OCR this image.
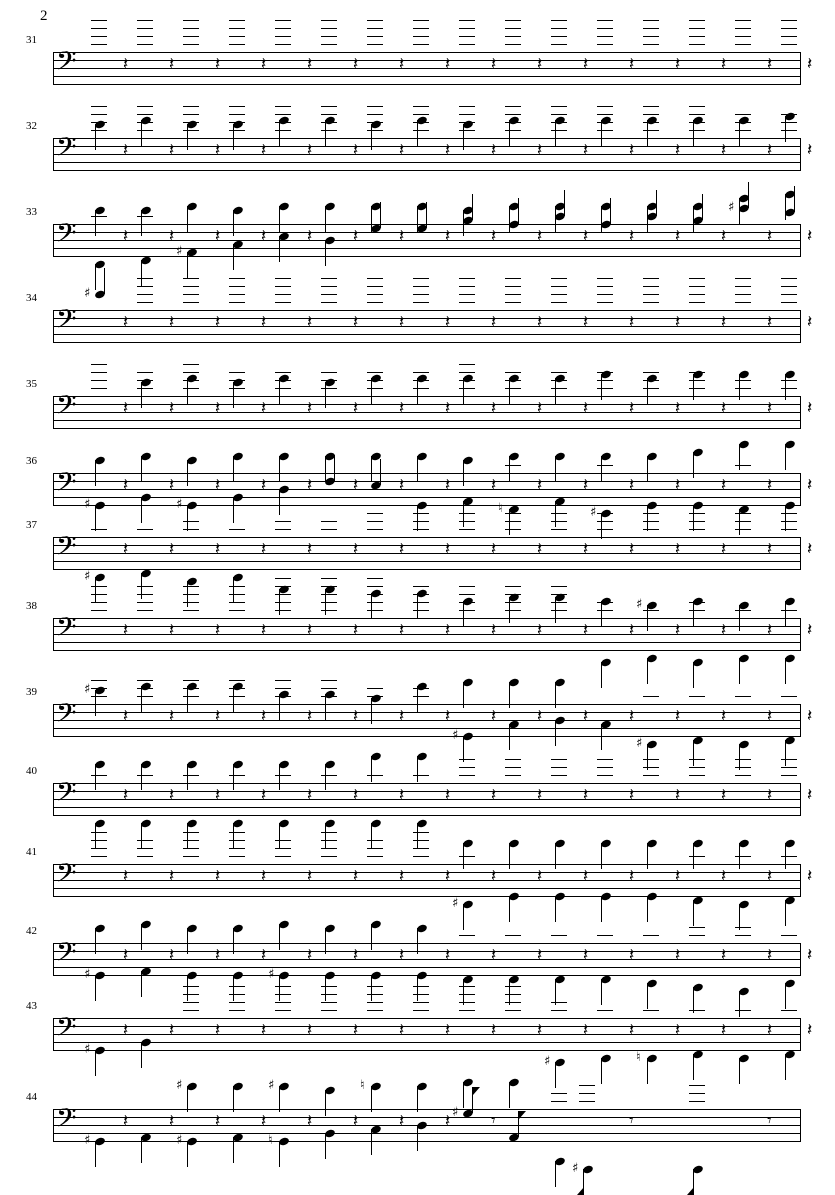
2
31
𝄢	𝄽 𝄽 𝄽 𝄽 𝄽 𝄽 𝄽 𝄽 𝄽 𝄽 𝄽 𝄽 𝄽 𝄽 𝄽 𝄽
32
𝄢	𝄽 𝄽 𝄽 𝄽 𝄽 𝄽 𝄽 𝄽 𝄽 𝄽 𝄽 𝄽 𝄽 𝄽 𝄽 𝄽
33
𝄢	𝄽 𝄽
♯
𝄽 𝄽 𝄽 𝄽 𝄽 𝄽 𝄽 𝄽 𝄽 𝄽 𝄽 𝄽
♯
𝄽 𝄽
34
𝄢
♯
𝄽 𝄽 𝄽 𝄽 𝄽 𝄽 𝄽 𝄽 𝄽 𝄽 𝄽 𝄽 𝄽 𝄽 𝄽 𝄽
35
𝄢	𝄽 𝄽 𝄽 𝄽 𝄽 𝄽 𝄽 𝄽 𝄽 𝄽 𝄽 𝄽 𝄽 𝄽 𝄽 𝄽
36
𝄢
♯
𝄽 𝄽
♯
𝄽 𝄽 𝄽 𝄽 𝄽 𝄽 𝄽
♮
𝄽 𝄽
♯
𝄽 𝄽 𝄽 𝄽 𝄽
37
𝄢
♯
𝄽 𝄽 𝄽 𝄽 𝄽 𝄽 𝄽 𝄽 𝄽 𝄽 𝄽 𝄽
♯
𝄽 𝄽 𝄽 𝄽
38
𝄢
♯
𝄽 𝄽 𝄽 𝄽 𝄽 𝄽 𝄽 𝄽 𝄽 𝄽 𝄽 𝄽 𝄽 𝄽 𝄽 𝄽
39
𝄢	𝄽 𝄽 𝄽 𝄽 𝄽 𝄽 𝄽 𝄽
♯
𝄽 𝄽 𝄽 𝄽
♯
𝄽 𝄽 𝄽 𝄽
40
𝄢	𝄽 𝄽 𝄽 𝄽 𝄽 𝄽 𝄽 𝄽 𝄽 𝄽 𝄽 𝄽 𝄽 𝄽 𝄽 𝄽
41
𝄢	𝄽 𝄽 𝄽 𝄽 𝄽 𝄽 𝄽 𝄽
♯
𝄽 𝄽 𝄽 𝄽 𝄽 𝄽 𝄽 𝄽
42
𝄢
♯
𝄽 𝄽 𝄽 𝄽
♯
𝄽 𝄽 𝄽 𝄽 𝄽 𝄽 𝄽 𝄽 𝄽 𝄽 𝄽 𝄽
43
𝄢
♯
𝄽 𝄽
♯
𝄽 𝄽
♯
𝄽 𝄽
♮
𝄽 𝄽 𝄽 𝄽
♯
𝄽 𝄽
♮
𝄽 𝄽 𝄽 𝄽
44
𝄢
♯
𝄽 𝄽
♯
𝄽 𝄽
♮
𝄽 𝄽 𝄽 𝄽 ♯ 𝄾
♯
𝄾	𝄾
